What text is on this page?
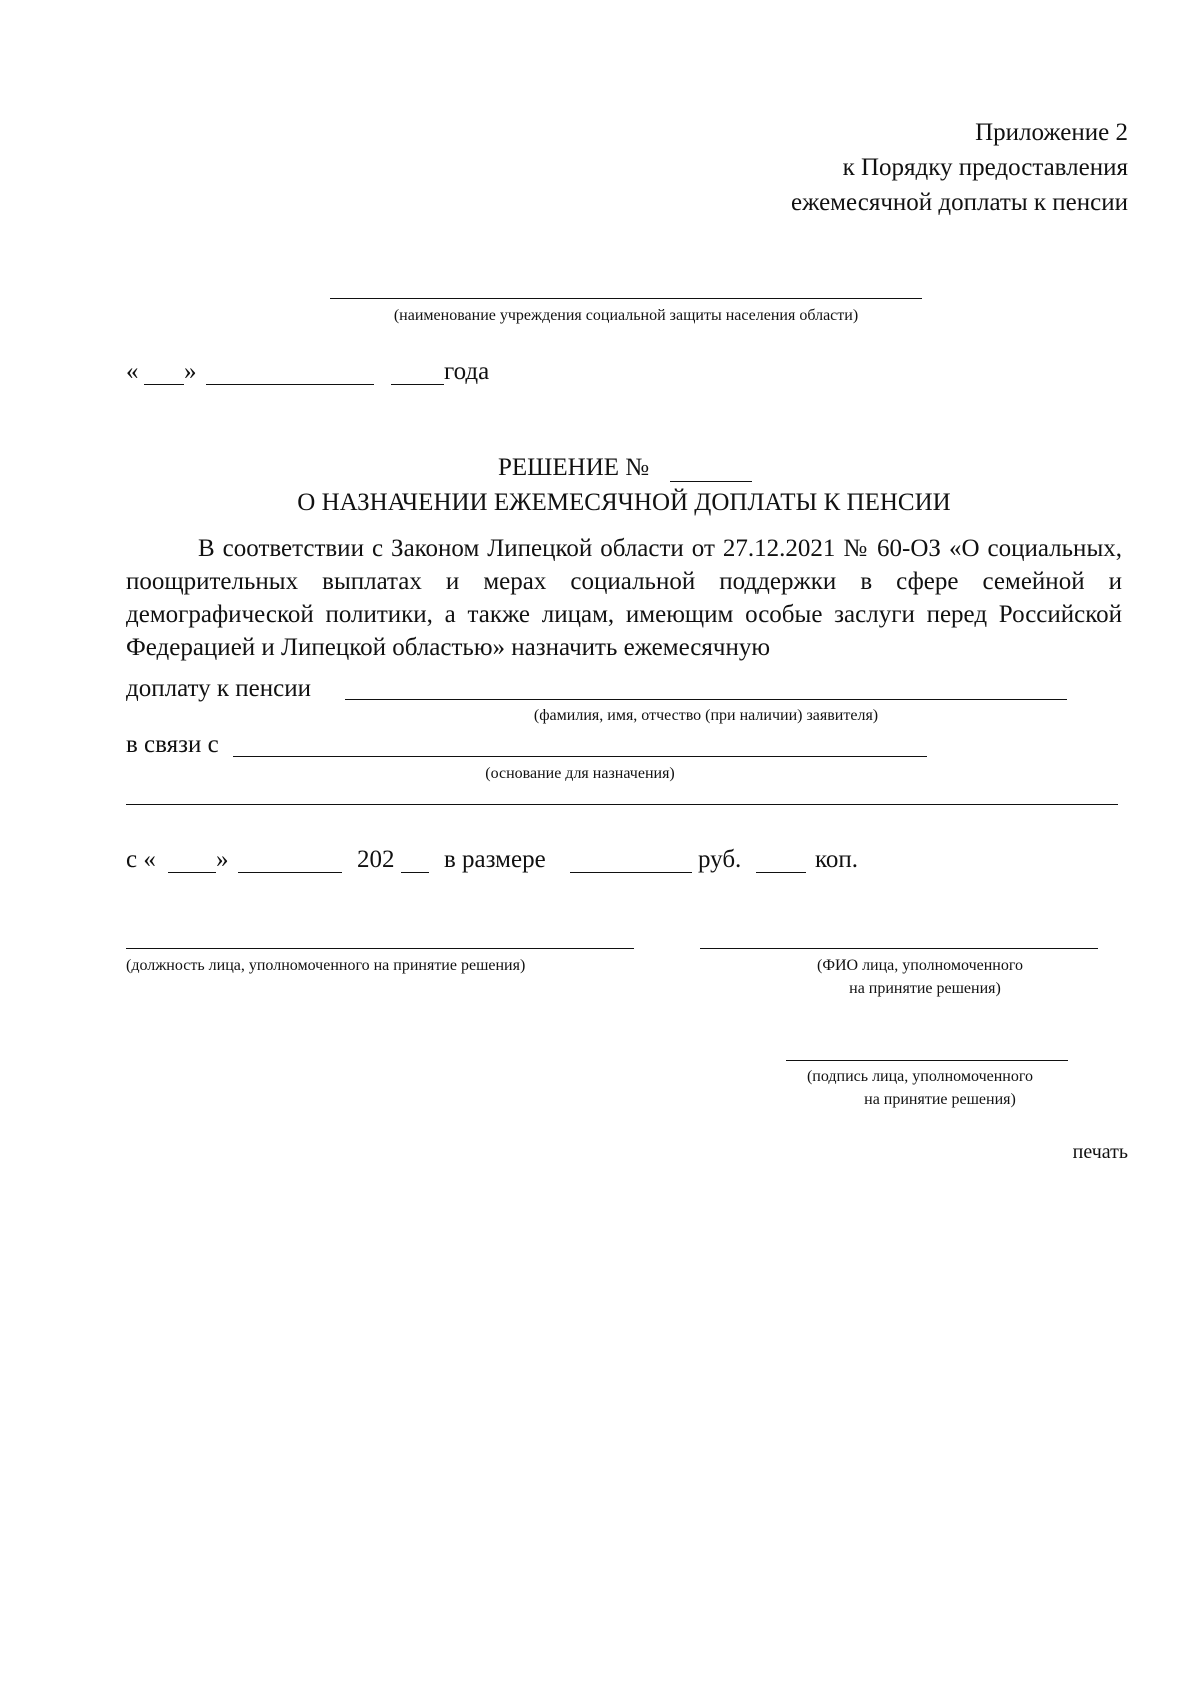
Приложение 2
к Порядку предоставления
ежемесячной доплаты к пенсии
(наименование учреждения социальной защиты населения области)
« »	года
РЕШЕНИЕ №
О НАЗНАЧЕНИИ ЕЖЕМЕСЯЧНОЙ ДОПЛАТЫ К ПЕНСИИ

В соответствии с Законом Липецкой области от 27.12.2021 № 60-ОЗ «О социальных, поощрительных выплатах и мерах социальной поддержки в сфере семейной и демографической политики, а также лицам, имеющим особые заслуги перед Российской Федерацией и Липецкой областью» назначить ежемесячную

доплату к пенсии
(фамилия, имя, отчество (при наличии) заявителя)
в связи с
(основание для назначения)
с « »	202 в размере	руб.	коп.
(должность лица, уполномоченного на принятие решения)	(ФИО лица, уполномоченного
на принятие решения)
(подпись лица, уполномоченного
на принятие решения)
печать
